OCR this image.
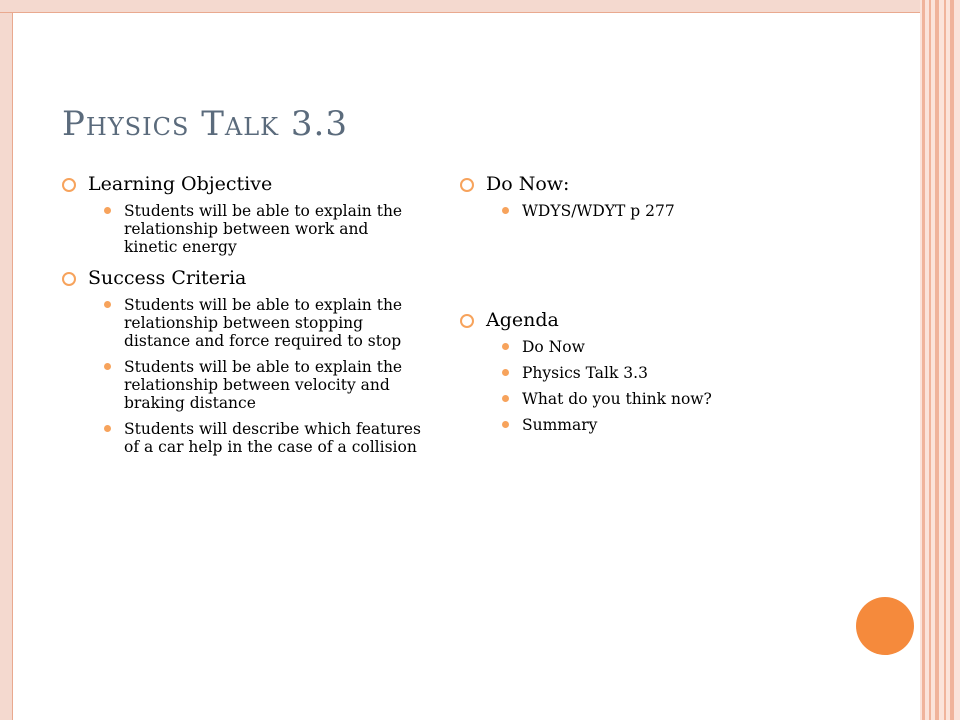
Physics Talk 3.3
Learning Objective
Students will be able to explain the relationship between work and kinetic energy
Success Criteria
Students will be able to explain the relationship between stopping distance and force required to stop
Students will be able to explain the relationship between velocity and braking distance
Students will describe which features of a car help in the case of a collision
Do Now:
WDYS/WDYT p 277
Agenda
Do Now
Physics Talk 3.3
What do you think now?
Summary
